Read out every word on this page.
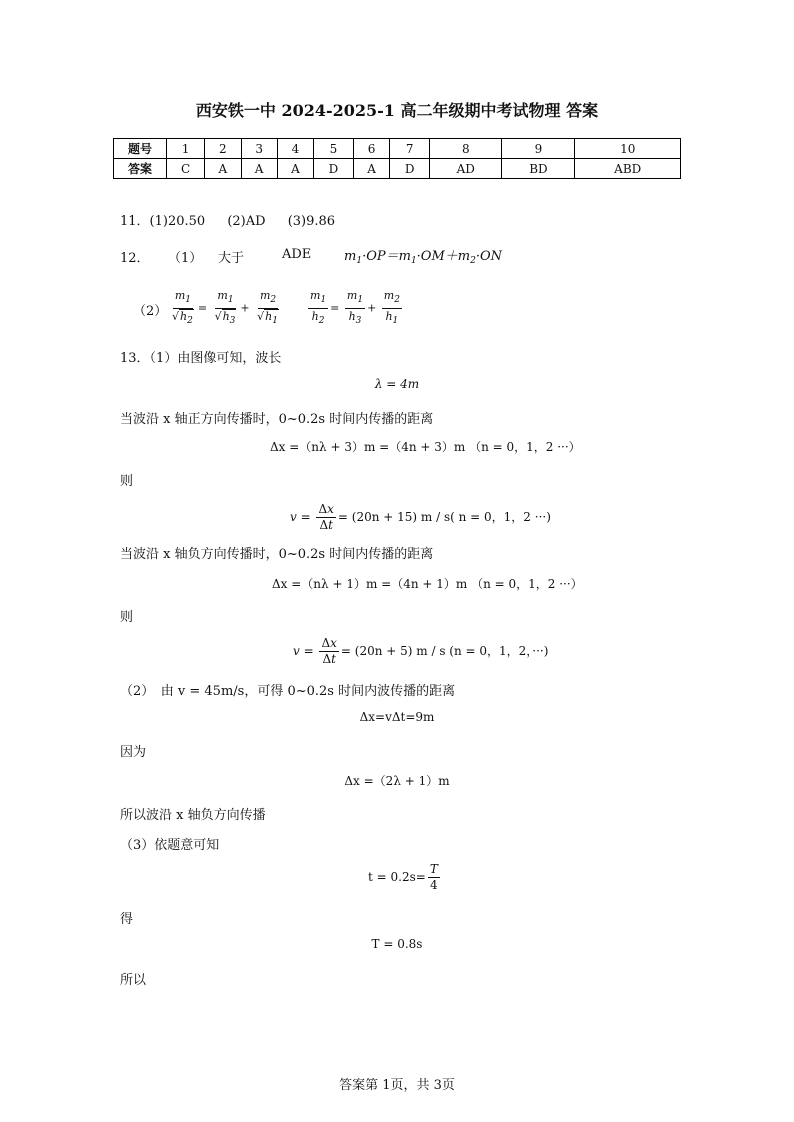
西安铁一中 2024-2025-1 高二年级期中考试物理 答案
题号	1	2	3	4	5	6	7	8	9	10
答案	C	A	A	A	D	A	D	AD	BD	ABD
11．(1)20.50 (2)AD (3)9.86
12． （1） 大于	ADE	$m_1\cdot OP=m_1\cdot OM+m_2\cdot ON$
$(2) \frac{m_1}{√h_2} = \frac{m_1}{√h_3} + \frac{m_2}{√h_1} \frac{m_1}{h_2} = \frac{m_1}{h_3} + \frac{m_2}{h_1}$
13．（1）由图像可知，波长
λ = 4m
当波沿 x 轴正方向传播时，0~0.2s 时间内传播的距离
Δx =（nλ + 3）m =（4n + 3）m （n = 0，1，2 ···）
则
$v = \frac{\Delta x}{\Delta t} = (20n + 15)$ m / s( n = 0，1，2 ···)
当波沿 x 轴负方向传播时，0~0.2s 时间内传播的距离
Δx =（nλ + 1）m =（4n + 1）m （n = 0，1，2 ···）
则
$v = \frac{\Delta x}{\Delta t} = (20n + 5)$ m / s (n = 0，1，2，···)
（2）　由 v = 45m/s，可得 0~0.2s 时间内波传播的距离
Δx=vΔt=9m
因为
Δx =（2λ + 1）m
所以波沿 x 轴负方向传播
（3）依题意可知
$t = 0.2s= \frac{T}{4}$
得
T = 0.8s
所以
答案第 1页，共 3页
